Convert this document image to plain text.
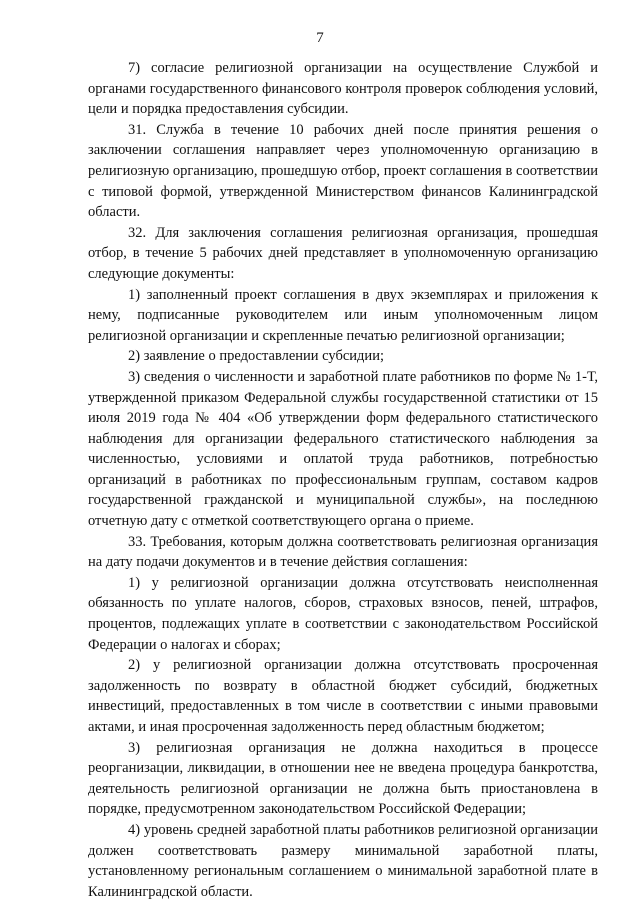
7

7) согласие религиозной организации на осуществление Службой и органами государственного финансового контроля проверок соблюдения условий, цели и порядка предоставления субсидии.

31. Служба в течение 10 рабочих дней после принятия решения о заключении соглашения направляет через уполномоченную организацию в религиозную организацию, прошедшую отбор, проект соглашения в соответствии с типовой формой, утвержденной Министерством финансов Калининградской области.

32. Для заключения соглашения религиозная организация, прошедшая отбор, в течение 5 рабочих дней представляет в уполномоченную организацию следующие документы:

1) заполненный проект соглашения в двух экземплярах и приложения к нему, подписанные руководителем или иным уполномоченным лицом религиозной организации и скрепленные печатью религиозной организации;

2) заявление о предоставлении субсидии;

3) сведения о численности и заработной плате работников по форме № 1-Т, утвержденной приказом Федеральной службы государственной статистики от 15 июля 2019 года № 404 «Об утверждении форм федерального статистического наблюдения для организации федерального статистического наблюдения за численностью, условиями и оплатой труда работников, потребностью организаций в работниках по профессиональным группам, составом кадров государственной гражданской и муниципальной службы», на последнюю отчетную дату с отметкой соответствующего органа о приеме.

33. Требования, которым должна соответствовать религиозная организация на дату подачи документов и в течение действия соглашения:

1) у религиозной организации должна отсутствовать неисполненная обязанность по уплате налогов, сборов, страховых взносов, пеней, штрафов, процентов, подлежащих уплате в соответствии с законодательством Российской Федерации о налогах и сборах;

2) у религиозной организации должна отсутствовать просроченная задолженность по возврату в областной бюджет субсидий, бюджетных инвестиций, предоставленных в том числе в соответствии с иными правовыми актами, и иная просроченная задолженность перед областным бюджетом;

3) религиозная организация не должна находиться в процессе реорганизации, ликвидации, в отношении нее не введена процедура банкротства, деятельность религиозной организации не должна быть приостановлена в порядке, предусмотренном законодательством Российской Федерации;

4) уровень средней заработной платы работников религиозной организации должен соответствовать размеру минимальной заработной платы, установленному региональным соглашением о минимальной заработной плате в Калининградской области.
